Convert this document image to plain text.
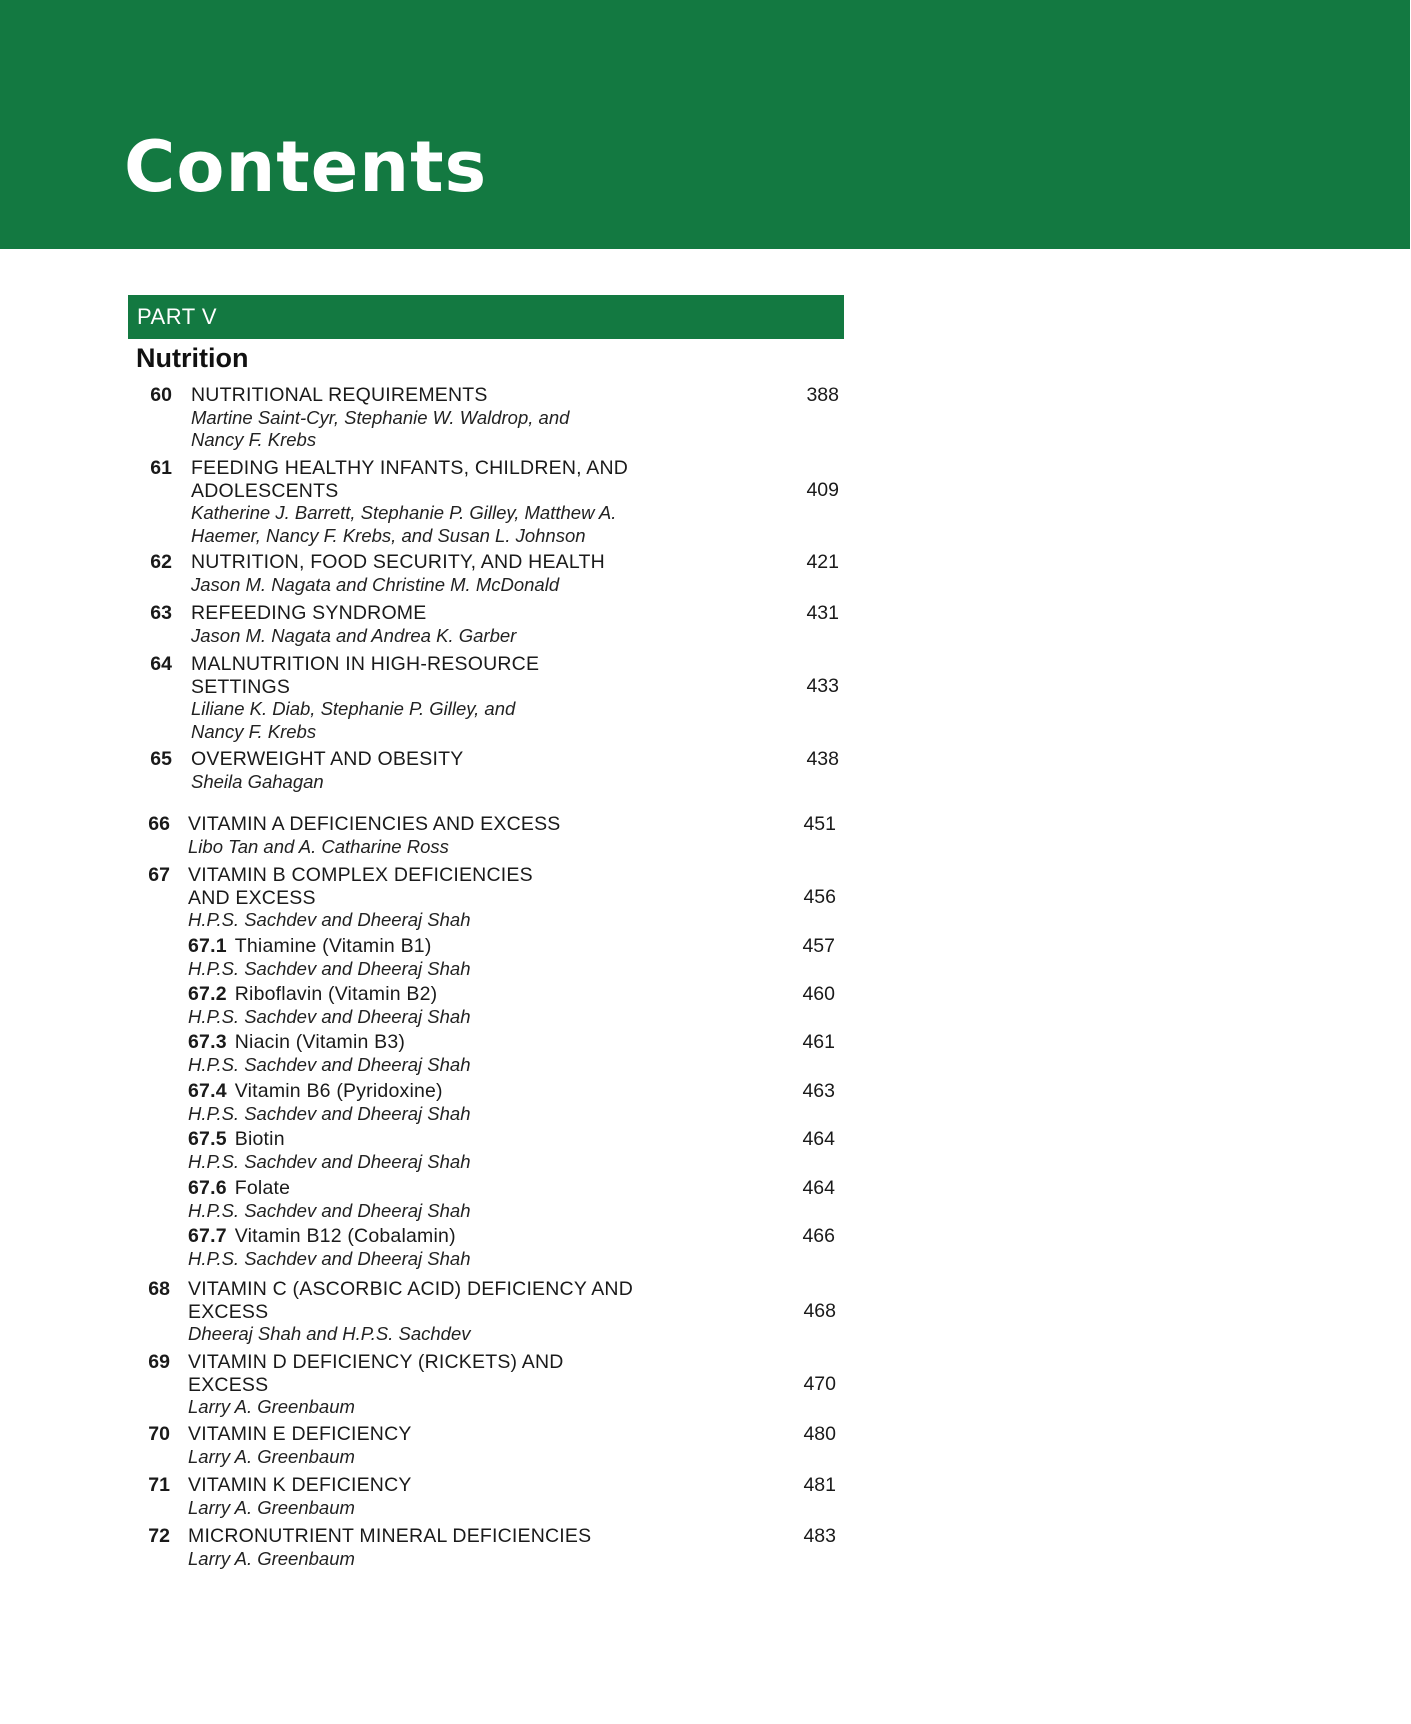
Contents
PART V
Nutrition
60 NUTRITIONAL REQUIREMENTS
Martine Saint-Cyr, Stephanie W. Waldrop, and
Nancy F. Krebs
388
61 FEEDING HEALTHY INFANTS, CHILDREN, AND
ADOLESCENTS
Katherine J. Barrett, Stephanie P. Gilley, Matthew A.
Haemer, Nancy F. Krebs, and Susan L. Johnson
409
62 NUTRITION, FOOD SECURITY, AND HEALTH
Jason M. Nagata and Christine M. McDonald
421
63 REFEEDING SYNDROME
Jason M. Nagata and Andrea K. Garber
431
64 MALNUTRITION IN HIGH-RESOURCE
SETTINGS
Liliane K. Diab, Stephanie P. Gilley, and
Nancy F. Krebs
433
65 OVERWEIGHT AND OBESITY
Sheila Gahagan
438
66 VITAMIN A DEFICIENCIES AND EXCESS
Libo Tan and A. Catharine Ross
451
67 VITAMIN B COMPLEX DEFICIENCIES
AND EXCESS
H.P.S. Sachdev and Dheeraj Shah
456
67.1 Thiamine (Vitamin B1)
H.P.S. Sachdev and Dheeraj Shah
457
67.2 Riboflavin (Vitamin B2)
H.P.S. Sachdev and Dheeraj Shah
460
67.3 Niacin (Vitamin B3)
H.P.S. Sachdev and Dheeraj Shah
461
67.4 Vitamin B6 (Pyridoxine)
H.P.S. Sachdev and Dheeraj Shah
463
67.5 Biotin
H.P.S. Sachdev and Dheeraj Shah
464
67.6 Folate
H.P.S. Sachdev and Dheeraj Shah
464
67.7 Vitamin B12 (Cobalamin)
H.P.S. Sachdev and Dheeraj Shah
466
68 VITAMIN C (ASCORBIC ACID) DEFICIENCY AND
EXCESS
Dheeraj Shah and H.P.S. Sachdev
468
69 VITAMIN D DEFICIENCY (RICKETS) AND
EXCESS
Larry A. Greenbaum
470
70 VITAMIN E DEFICIENCY
Larry A. Greenbaum
480
71 VITAMIN K DEFICIENCY
Larry A. Greenbaum
481
72 MICRONUTRIENT MINERAL DEFICIENCIES
Larry A. Greenbaum
483
